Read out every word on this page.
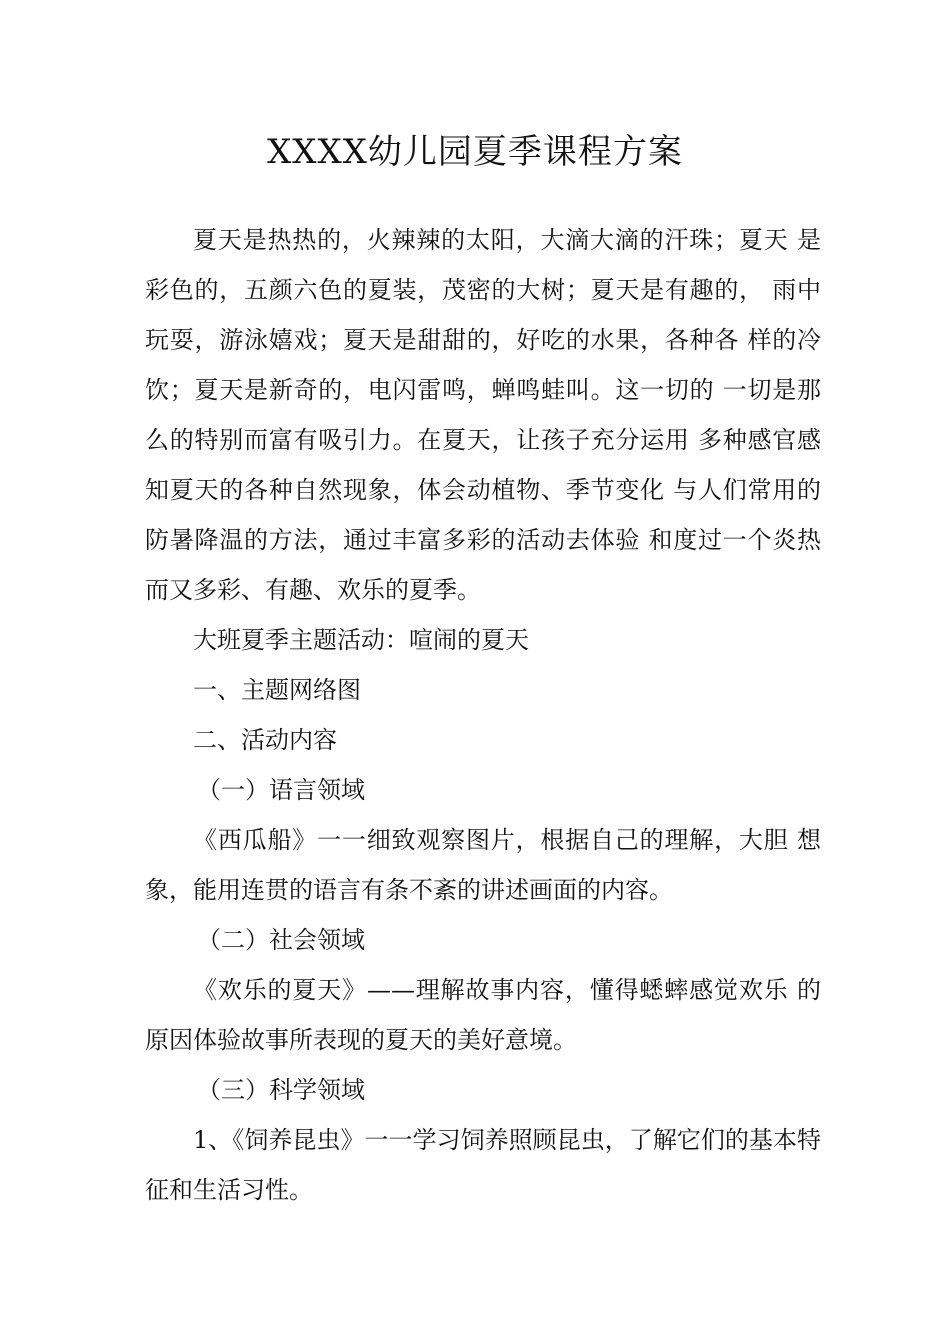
XXXX幼儿园夏季课程方案

夏天是热热的，火辣辣的太阳，大滴大滴的汗珠；夏天 是彩色的，五颜六色的夏装，茂密的大树；夏天是有趣的， 雨中玩耍，游泳嬉戏；夏天是甜甜的，好吃的水果，各种各 样的冷饮；夏天是新奇的，电闪雷鸣，蝉鸣蛙叫。这一切的 一切是那么的特别而富有吸引力。在夏天，让孩子充分运用 多种感官感知夏天的各种自然现象，体会动植物、季节变化 与人们常用的防暑降温的方法，通过丰富多彩的活动去体验 和度过一个炎热而又多彩、有趣、欢乐的夏季。

大班夏季主题活动：喧闹的夏天

一、主题网络图

二、活动内容

（一）语言领域

《西瓜船》一一细致观察图片，根据自己的理解，大胆 想象，能用连贯的语言有条不紊的讲述画面的内容。

（二）社会领域

《欢乐的夏天》——理解故事内容，懂得蟋蟀感觉欢乐 的原因体验故事所表现的夏天的美好意境。

（三）科学领域

1、《饲养昆虫》一一学习饲养照顾昆虫，了解它们的基本特征和生活习性。
